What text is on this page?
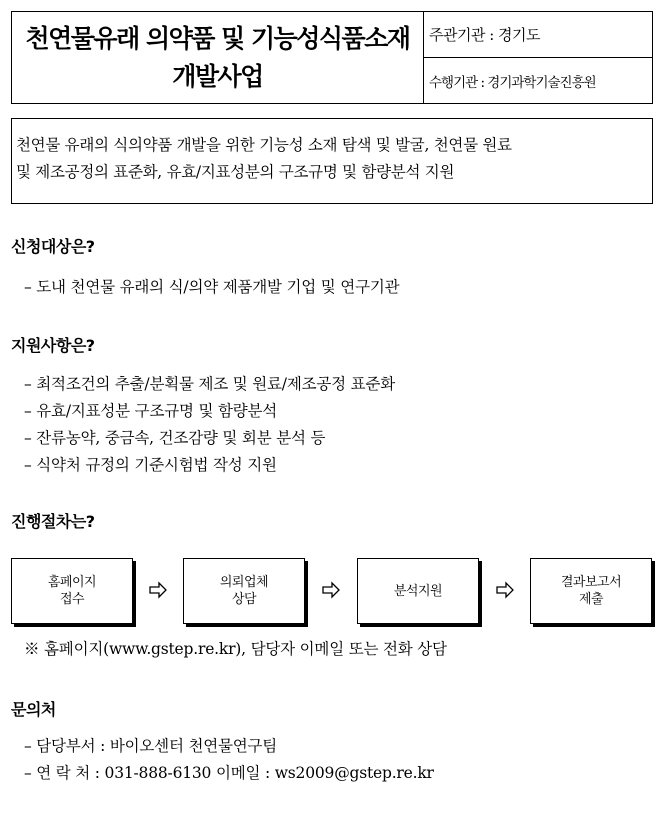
천연물유래 의약품 및 기능성식품소재
개발사업
주관기관 : 경기도
수행기관 : 경기과학기술진흥원
천연물 유래의 식의약품 개발을 위한 기능성 소재 탐색 및 발굴, 천연물 원료
및 제조공정의 표준화, 유효/지표성분의 구조규명 및 함량분석 지원
신청대상은?
– 도내 천연물 유래의 식/의약 제품개발 기업 및 연구기관
지원사항은?
– 최적조건의 추출/분획물 제조 및 원료/제조공정 표준화
– 유효/지표성분 구조규명 및 함량분석
– 잔류농약, 중금속, 건조감량 및 회분 분석 등
– 식약처 규정의 기준시험법 작성 지원
진행절차는?
홈페이지
접수
의뢰업체
상담
분석지원
결과보고서
제출
※ 홈페이지(www.gstep.re.kr), 담당자 이메일 또는 전화 상담
문의처
– 담당부서 : 바이오센터 천연물연구팀
– 연 락 처 : 031-888-6130 이메일 : ws2009@gstep.re.kr
